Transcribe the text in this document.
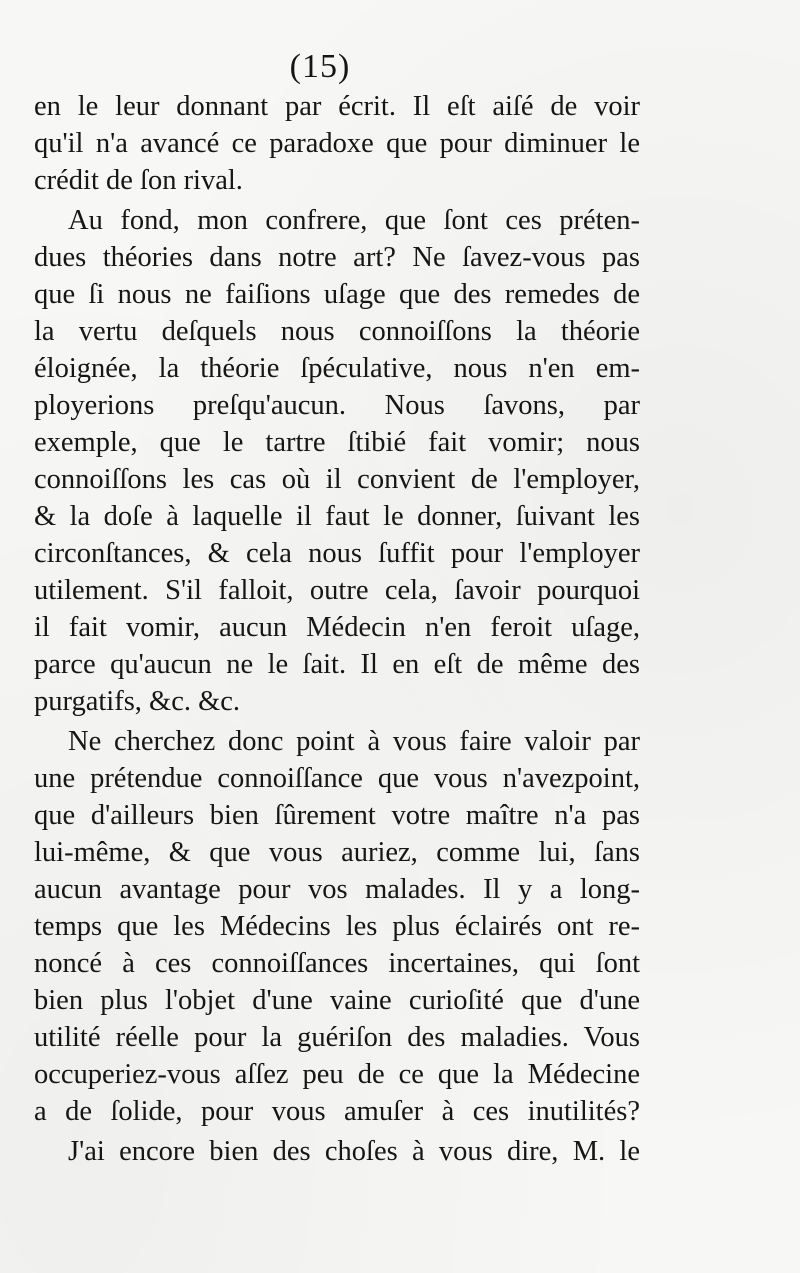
(15)
en le leur donnant par écrit. Il eſt aiſé de voir
qu'il n'a avancé ce paradoxe que pour diminuer le
crédit de ſon rival.
Au fond, mon confrere, que ſont ces préten-
dues théories dans notre art? Ne ſavez-vous pas
que ſi nous ne faiſions uſage que des remedes de
la vertu deſquels nous connoiſſons la théorie
éloignée, la théorie ſpéculative, nous n'en em-
ployerions preſqu'aucun. Nous ſavons, par
exemple, que le tartre ſtibié fait vomir; nous
connoiſſons les cas où il convient de l'employer,
& la doſe à laquelle il faut le donner, ſuivant les
circonſtances, & cela nous ſuffit pour l'employer
utilement. S'il falloit, outre cela, ſavoir pourquoi
il fait vomir, aucun Médecin n'en feroit uſage,
parce qu'aucun ne le ſait. Il en eſt de même des
purgatifs, &c. &c.
Ne cherchez donc point à vous faire valoir par
une prétendue connoiſſance que vous n'avezpoint,
que d'ailleurs bien ſûrement votre maître n'a pas
lui-même, & que vous auriez, comme lui, ſans
aucun avantage pour vos malades. Il y a long-
temps que les Médecins les plus éclairés ont re-
noncé à ces connoiſſances incertaines, qui ſont
bien plus l'objet d'une vaine curioſité que d'une
utilité réelle pour la guériſon des maladies. Vous
occuperiez-vous aſſez peu de ce que la Médecine
a de ſolide, pour vous amuſer à ces inutilités?
J'ai encore bien des choſes à vous dire, M. le
